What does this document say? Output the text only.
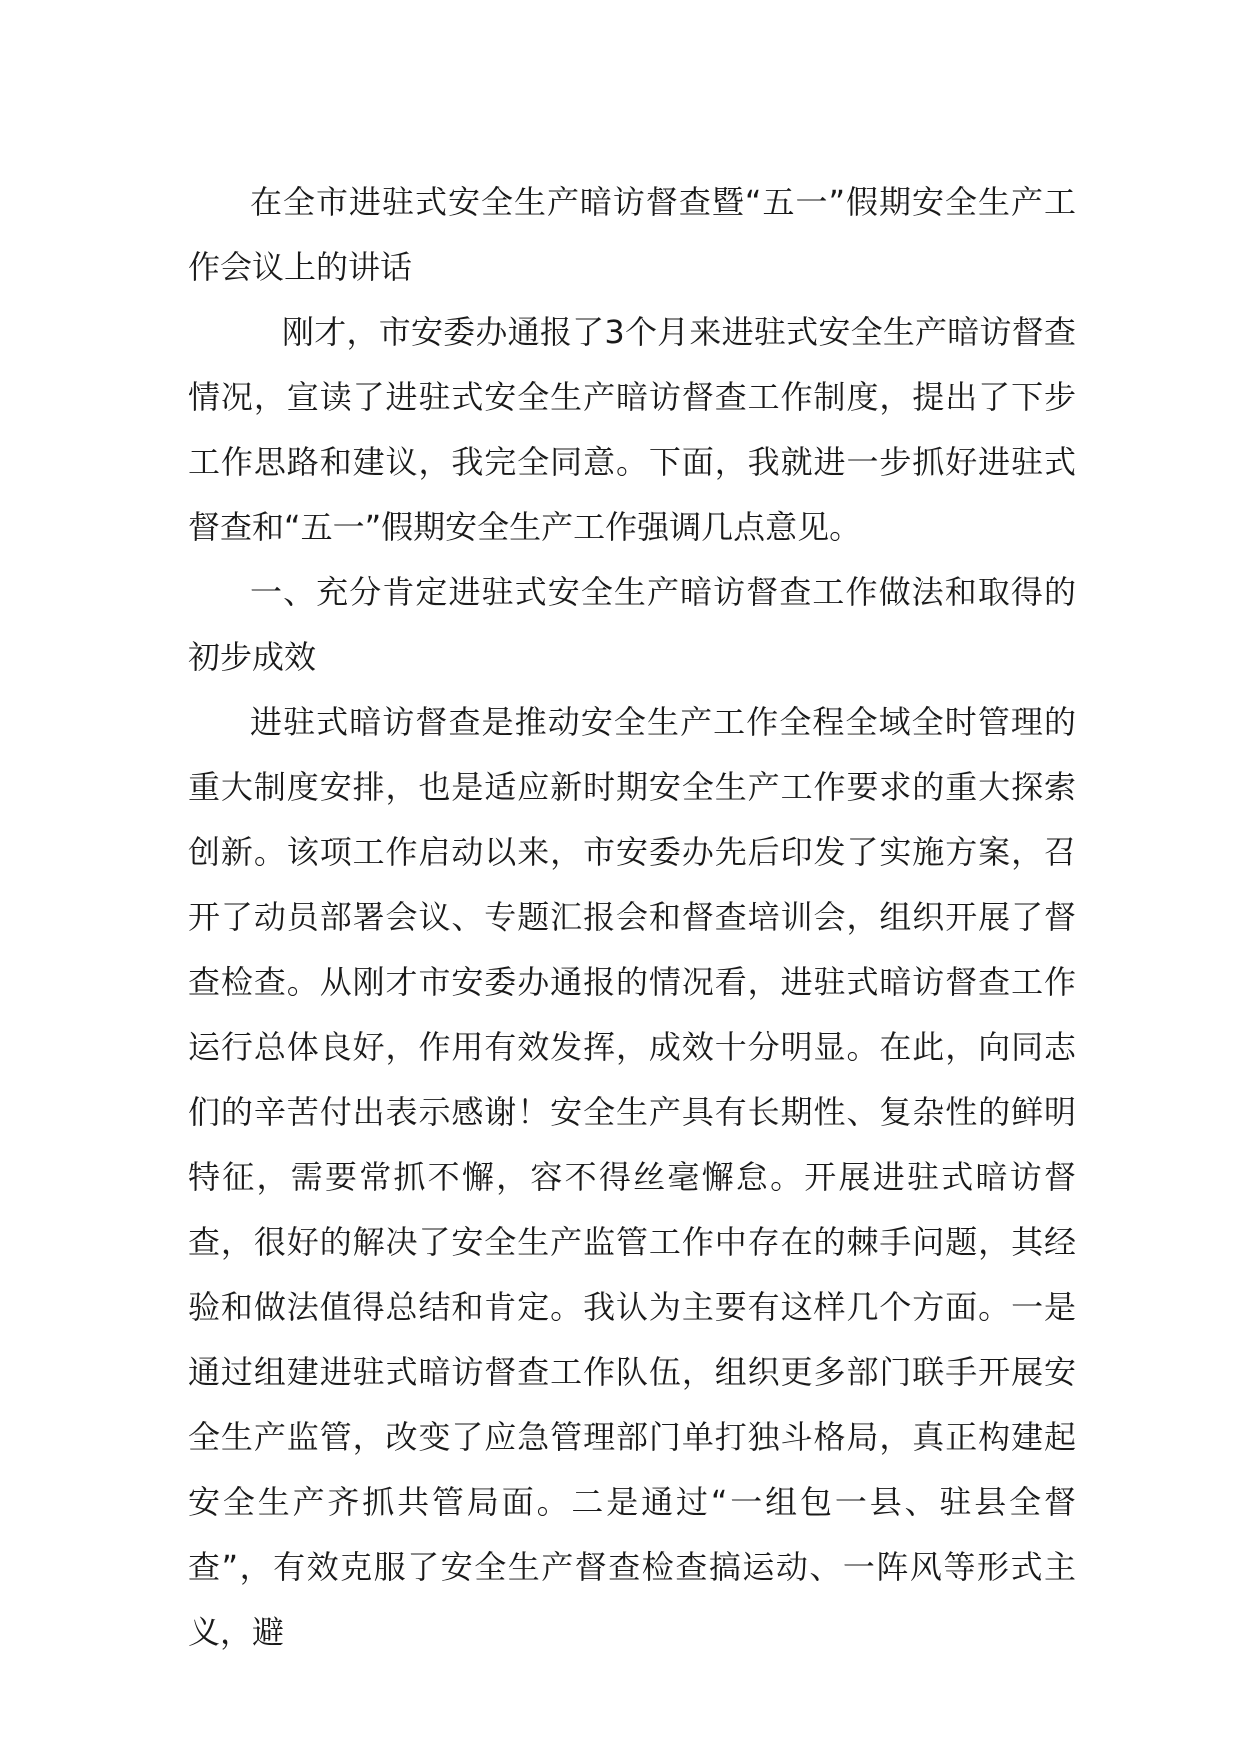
在全市进驻式安全生产暗访督查暨“五一”假期安全生产工作会议上的讲话

刚才，市安委办通报了3个月来进驻式安全生产暗访督查情况，宣读了进驻式安全生产暗访督查工作制度，提出了下步工作思路和建议，我完全同意。下面，我就进一步抓好进驻式督查和“五一”假期安全生产工作强调几点意见。

一、充分肯定进驻式安全生产暗访督查工作做法和取得的初步成效

进驻式暗访督查是推动安全生产工作全程全域全时管理的重大制度安排，也是适应新时期安全生产工作要求的重大探索创新。该项工作启动以来，市安委办先后印发了实施方案，召开了动员部署会议、专题汇报会和督查培训会，组织开展了督查检查。从刚才市安委办通报的情况看，进驻式暗访督查工作运行总体良好，作用有效发挥，成效十分明显。在此，向同志们的辛苦付出表示感谢！安全生产具有长期性、复杂性的鲜明特征，需要常抓不懈，容不得丝毫懈怠。开展进驻式暗访督查，很好的解决了安全生产监管工作中存在的棘手问题，其经验和做法值得总结和肯定。我认为主要有这样几个方面。一是通过组建进驻式暗访督查工作队伍，组织更多部门联手开展安全生产监管，改变了应急管理部门单打独斗格局，真正构建起安全生产齐抓共管局面。二是通过“一组包一县、驻县全督查”，有效克服了安全生产督查检查搞运动、一阵风等形式主义，避
